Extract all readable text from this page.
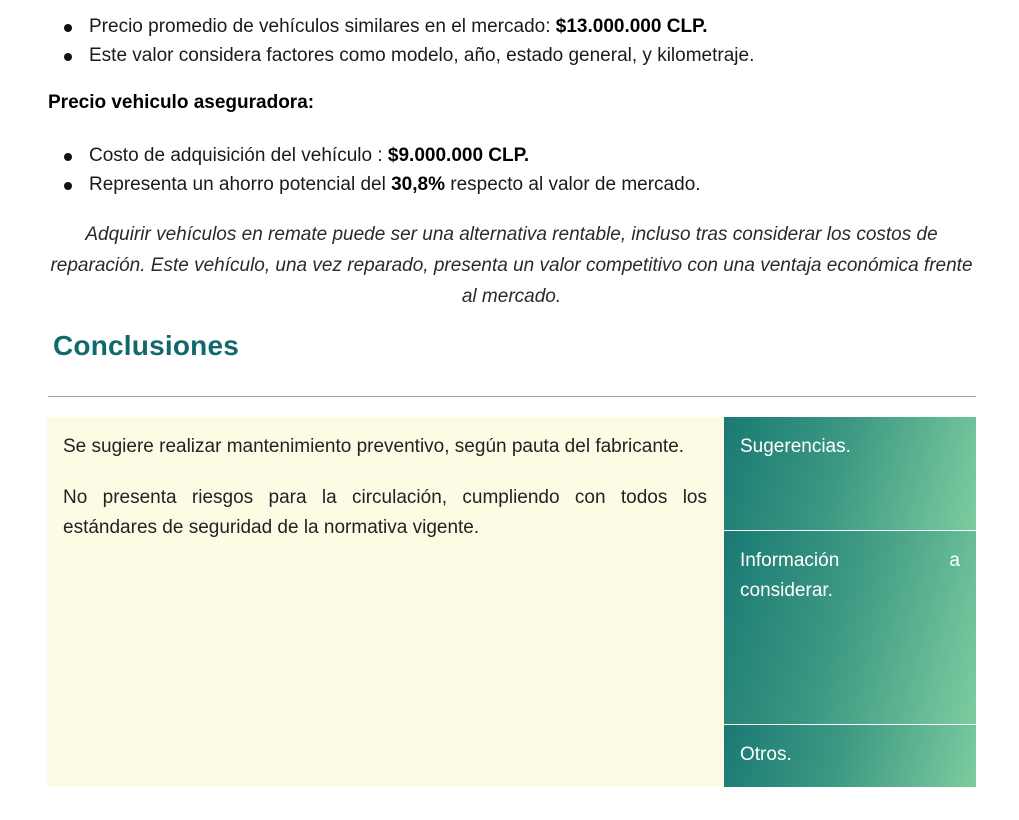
Precio promedio de vehículos similares en el mercado: $13.000.000 CLP.
Este valor considera factores como modelo, año, estado general, y kilometraje.
Precio vehiculo aseguradora:
Costo de adquisición del vehículo : $9.000.000 CLP.
Representa un ahorro potencial del 30,8% respecto al valor de mercado.
Adquirir vehículos en remate puede ser una alternativa rentable, incluso tras considerar los costos de reparación. Este vehículo, una vez reparado, presenta un valor competitivo con una ventaja económica frente al mercado.
Conclusiones

Se sugiere realizar mantenimiento preventivo, según pauta del fabricante.

No presenta riesgos para la circulación, cumpliendo con todos los estándares de seguridad de la normativa vigente.

Sugerencias.
Información	a
considerar.
Otros.
